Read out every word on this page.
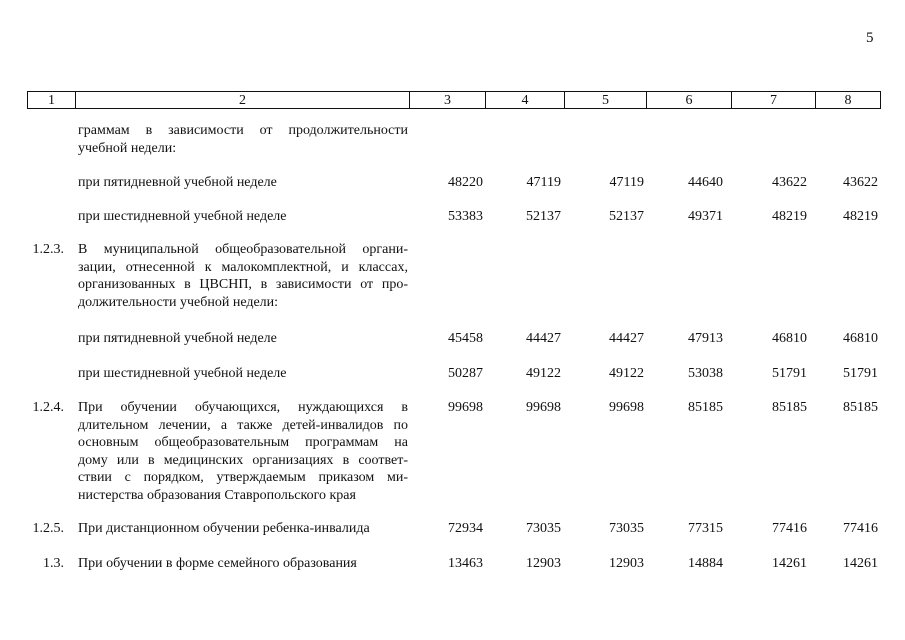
5
1	2	3	4	5	6	7	8
граммам в зависимости от продолжительности
учебной недели:
при пятидневной учебной неделе	48220	47119	47119	44640	43622	43622
при шестидневной учебной неделе	53383	52137	52137	49371	48219	48219
1.2.3. В муниципальной общеобразовательной органи-
зации, отнесенной к малокомплектной, и классах,
организованных в ЦВСНП, в зависимости от про-
должительности учебной недели:
при пятидневной учебной неделе	45458	44427	44427	47913	46810	46810
при шестидневной учебной неделе	50287	49122	49122	53038	51791	51791
1.2.4. При обучении обучающихся, нуждающихся в
длительном лечении, а также детей-инвалидов по
основным общеобразовательным программам на
дому или в медицинских организациях в соответ-
ствии с порядком, утверждаемым приказом ми-
нистерства образования Ставропольского края
99698	99698	99698	85185	85185	85185
1.2.5. При дистанционном обучении ребенка-инвалида	72934	73035	73035	77315	77416	77416
1.3. При обучении в форме семейного образования	13463	12903	12903	14884	14261	14261
